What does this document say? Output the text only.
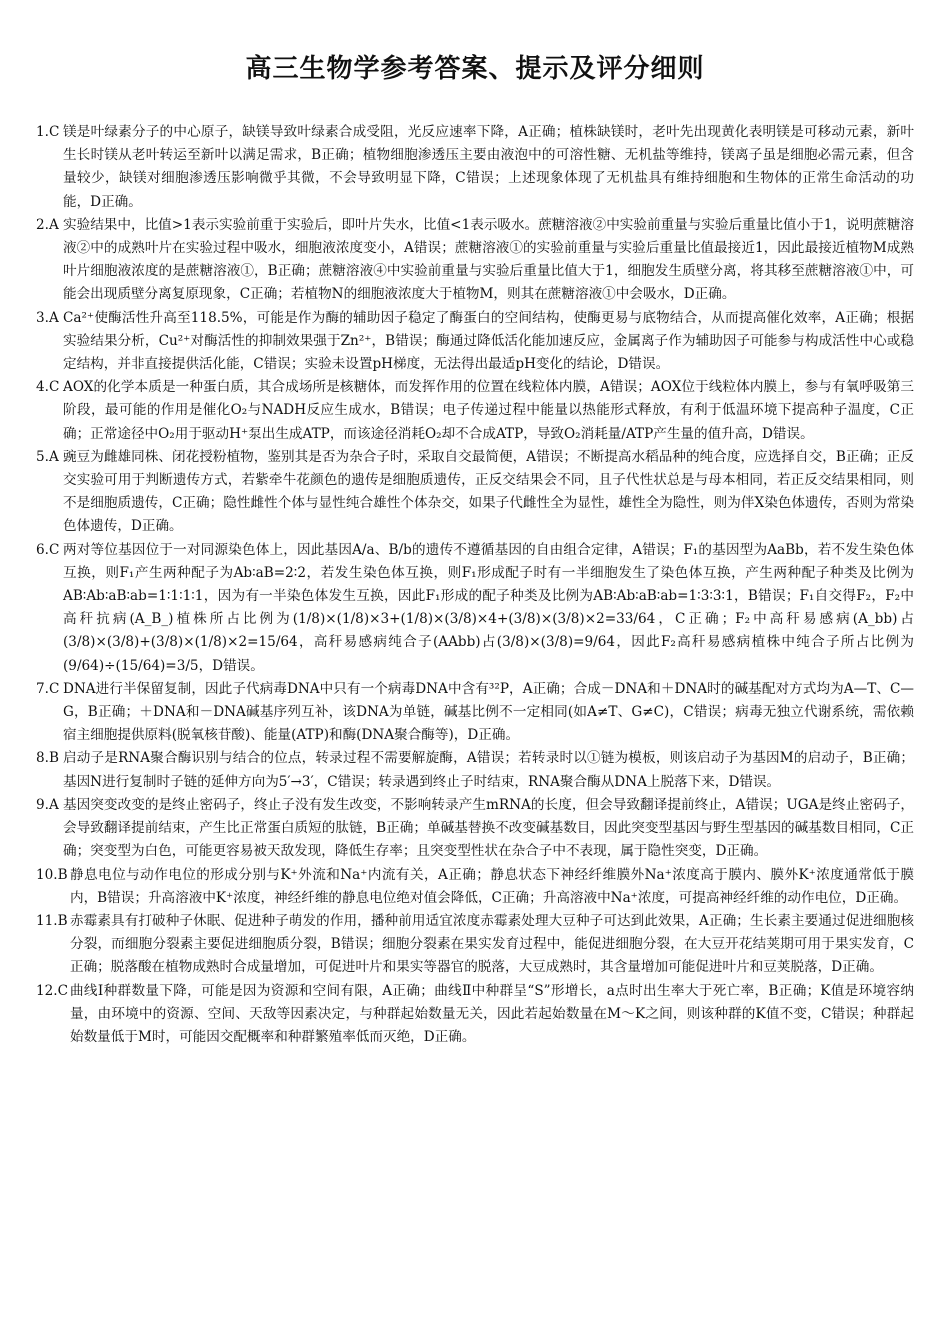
高三生物学参考答案、提示及评分细则

1.C 镁是叶绿素分子的中心原子，缺镁导致叶绿素合成受阻，光反应速率下降，A正确；植株缺镁时，老叶先出现黄化表明镁是可移动元素，新叶生长时镁从老叶转运至新叶以满足需求，B正确；植物细胞渗透压主要由液泡中的可溶性糖、无机盐等维持，镁离子虽是细胞必需元素，但含量较少，缺镁对细胞渗透压影响微乎其微，不会导致明显下降，C错误；上述现象体现了无机盐具有维持细胞和生物体的正常生命活动的功能，D正确。

2.A 实验结果中，比值>1表示实验前重于实验后，即叶片失水，比值<1表示吸水。蔗糖溶液②中实验前重量与实验后重量比值小于1，说明蔗糖溶液②中的成熟叶片在实验过程中吸水，细胞液浓度变小，A错误；蔗糖溶液①的实验前重量与实验后重量比值最接近1，因此最接近植物M成熟叶片细胞液浓度的是蔗糖溶液①，B正确；蔗糖溶液④中实验前重量与实验后重量比值大于1，细胞发生质壁分离，将其移至蔗糖溶液①中，可能会出现质壁分离复原现象，C正确；若植物N的细胞液浓度大于植物M，则其在蔗糖溶液①中会吸水，D正确。

3.A Ca²⁺使酶活性升高至118.5%，可能是作为酶的辅助因子稳定了酶蛋白的空间结构，使酶更易与底物结合，从而提高催化效率，A正确；根据实验结果分析，Cu²⁺对酶活性的抑制效果强于Zn²⁺，B错误；酶通过降低活化能加速反应，金属离子作为辅助因子可能参与构成活性中心或稳定结构，并非直接提供活化能，C错误；实验未设置pH梯度，无法得出最适pH变化的结论，D错误。

4.C AOX的化学本质是一种蛋白质，其合成场所是核糖体，而发挥作用的位置在线粒体内膜，A错误；AOX位于线粒体内膜上，参与有氧呼吸第三阶段，最可能的作用是催化O₂与NADH反应生成水，B错误；电子传递过程中能量以热能形式释放，有利于低温环境下提高种子温度，C正确；正常途径中O₂用于驱动H⁺泵出生成ATP，而该途径消耗O₂却不合成ATP，导致O₂消耗量/ATP产生量的值升高，D错误。

5.A 豌豆为雌雄同株、闭花授粉植物，鉴别其是否为杂合子时，采取自交最简便，A错误；不断提高水稻品种的纯合度，应选择自交，B正确；正反交实验可用于判断遗传方式，若紫牵牛花颜色的遗传是细胞质遗传，正反交结果会不同，且子代性状总是与母本相同，若正反交结果相同，则不是细胞质遗传，C正确；隐性雌性个体与显性纯合雄性个体杂交，如果子代雌性全为显性，雄性全为隐性，则为伴X染色体遗传，否则为常染色体遗传，D正确。

6.C 两对等位基因位于一对同源染色体上，因此基因A/a、B/b的遗传不遵循基因的自由组合定律，A错误；F₁的基因型为AaBb，若不发生染色体互换，则F₁产生两种配子为Ab∶aB=2∶2，若发生染色体互换，则F₁形成配子时有一半细胞发生了染色体互换，产生两种配子种类及比例为AB∶Ab∶aB∶ab=1∶1∶1∶1，因为有一半染色体发生互换，因此F₁形成的配子种类及比例为AB∶Ab∶aB∶ab=1∶3∶3∶1，B错误；F₁自交得F₂，F₂中高秆抗病(A_B_)植株所占比例为(1/8)×(1/8)×3+(1/8)×(3/8)×4+(3/8)×(3/8)×2=33/64，C正确；F₂中高秆易感病(A_bb)占(3/8)×(3/8)+(3/8)×(1/8)×2=15/64，高秆易感病纯合子(AAbb)占(3/8)×(3/8)=9/64，因此F₂高秆易感病植株中纯合子所占比例为(9/64)÷(15/64)=3/5，D错误。

7.C DNA进行半保留复制，因此子代病毒DNA中只有一个病毒DNA中含有³²P，A正确；合成－DNA和＋DNA时的碱基配对方式均为A—T、C—G，B正确；＋DNA和－DNA碱基序列互补，该DNA为单链，碱基比例不一定相同(如A≠T、G≠C)，C错误；病毒无独立代谢系统，需依赖宿主细胞提供原料(脱氧核苷酸)、能量(ATP)和酶(DNA聚合酶等)，D正确。

8.B 启动子是RNA聚合酶识别与结合的位点，转录过程不需要解旋酶，A错误；若转录时以①链为模板，则该启动子为基因M的启动子，B正确；基因N进行复制时子链的延伸方向为5′→3′，C错误；转录遇到终止子时结束，RNA聚合酶从DNA上脱落下来，D错误。

9.A 基因突变改变的是终止密码子，终止子没有发生改变，不影响转录产生mRNA的长度，但会导致翻译提前终止，A错误；UGA是终止密码子，会导致翻译提前结束，产生比正常蛋白质短的肽链，B正确；单碱基替换不改变碱基数目，因此突变型基因与野生型基因的碱基数目相同，C正确；突变型为白色，可能更容易被天敌发现，降低生存率；且突变型性状在杂合子中不表现，属于隐性突变，D正确。

10.B 静息电位与动作电位的形成分别与K⁺外流和Na⁺内流有关，A正确；静息状态下神经纤维膜外Na⁺浓度高于膜内、膜外K⁺浓度通常低于膜内，B错误；升高溶液中K⁺浓度，神经纤维的静息电位绝对值会降低，C正确；升高溶液中Na⁺浓度，可提高神经纤维的动作电位，D正确。

11.B 赤霉素具有打破种子休眠、促进种子萌发的作用，播种前用适宜浓度赤霉素处理大豆种子可达到此效果，A正确；生长素主要通过促进细胞核分裂，而细胞分裂素主要促进细胞质分裂，B错误；细胞分裂素在果实发育过程中，能促进细胞分裂，在大豆开花结荚期可用于果实发育，C正确；脱落酸在植物成熟时合成量增加，可促进叶片和果实等器官的脱落，大豆成熟时，其含量增加可能促进叶片和豆荚脱落，D正确。

12.C 曲线Ⅰ种群数量下降，可能是因为资源和空间有限，A正确；曲线Ⅱ中种群呈“S”形增长，a点时出生率大于死亡率，B正确；K值是环境容纳量，由环境中的资源、空间、天敌等因素决定，与种群起始数量无关，因此若起始数量在M～K之间，则该种群的K值不变，C错误；种群起始数量低于M时，可能因交配概率和种群繁殖率低而灭绝，D正确。
